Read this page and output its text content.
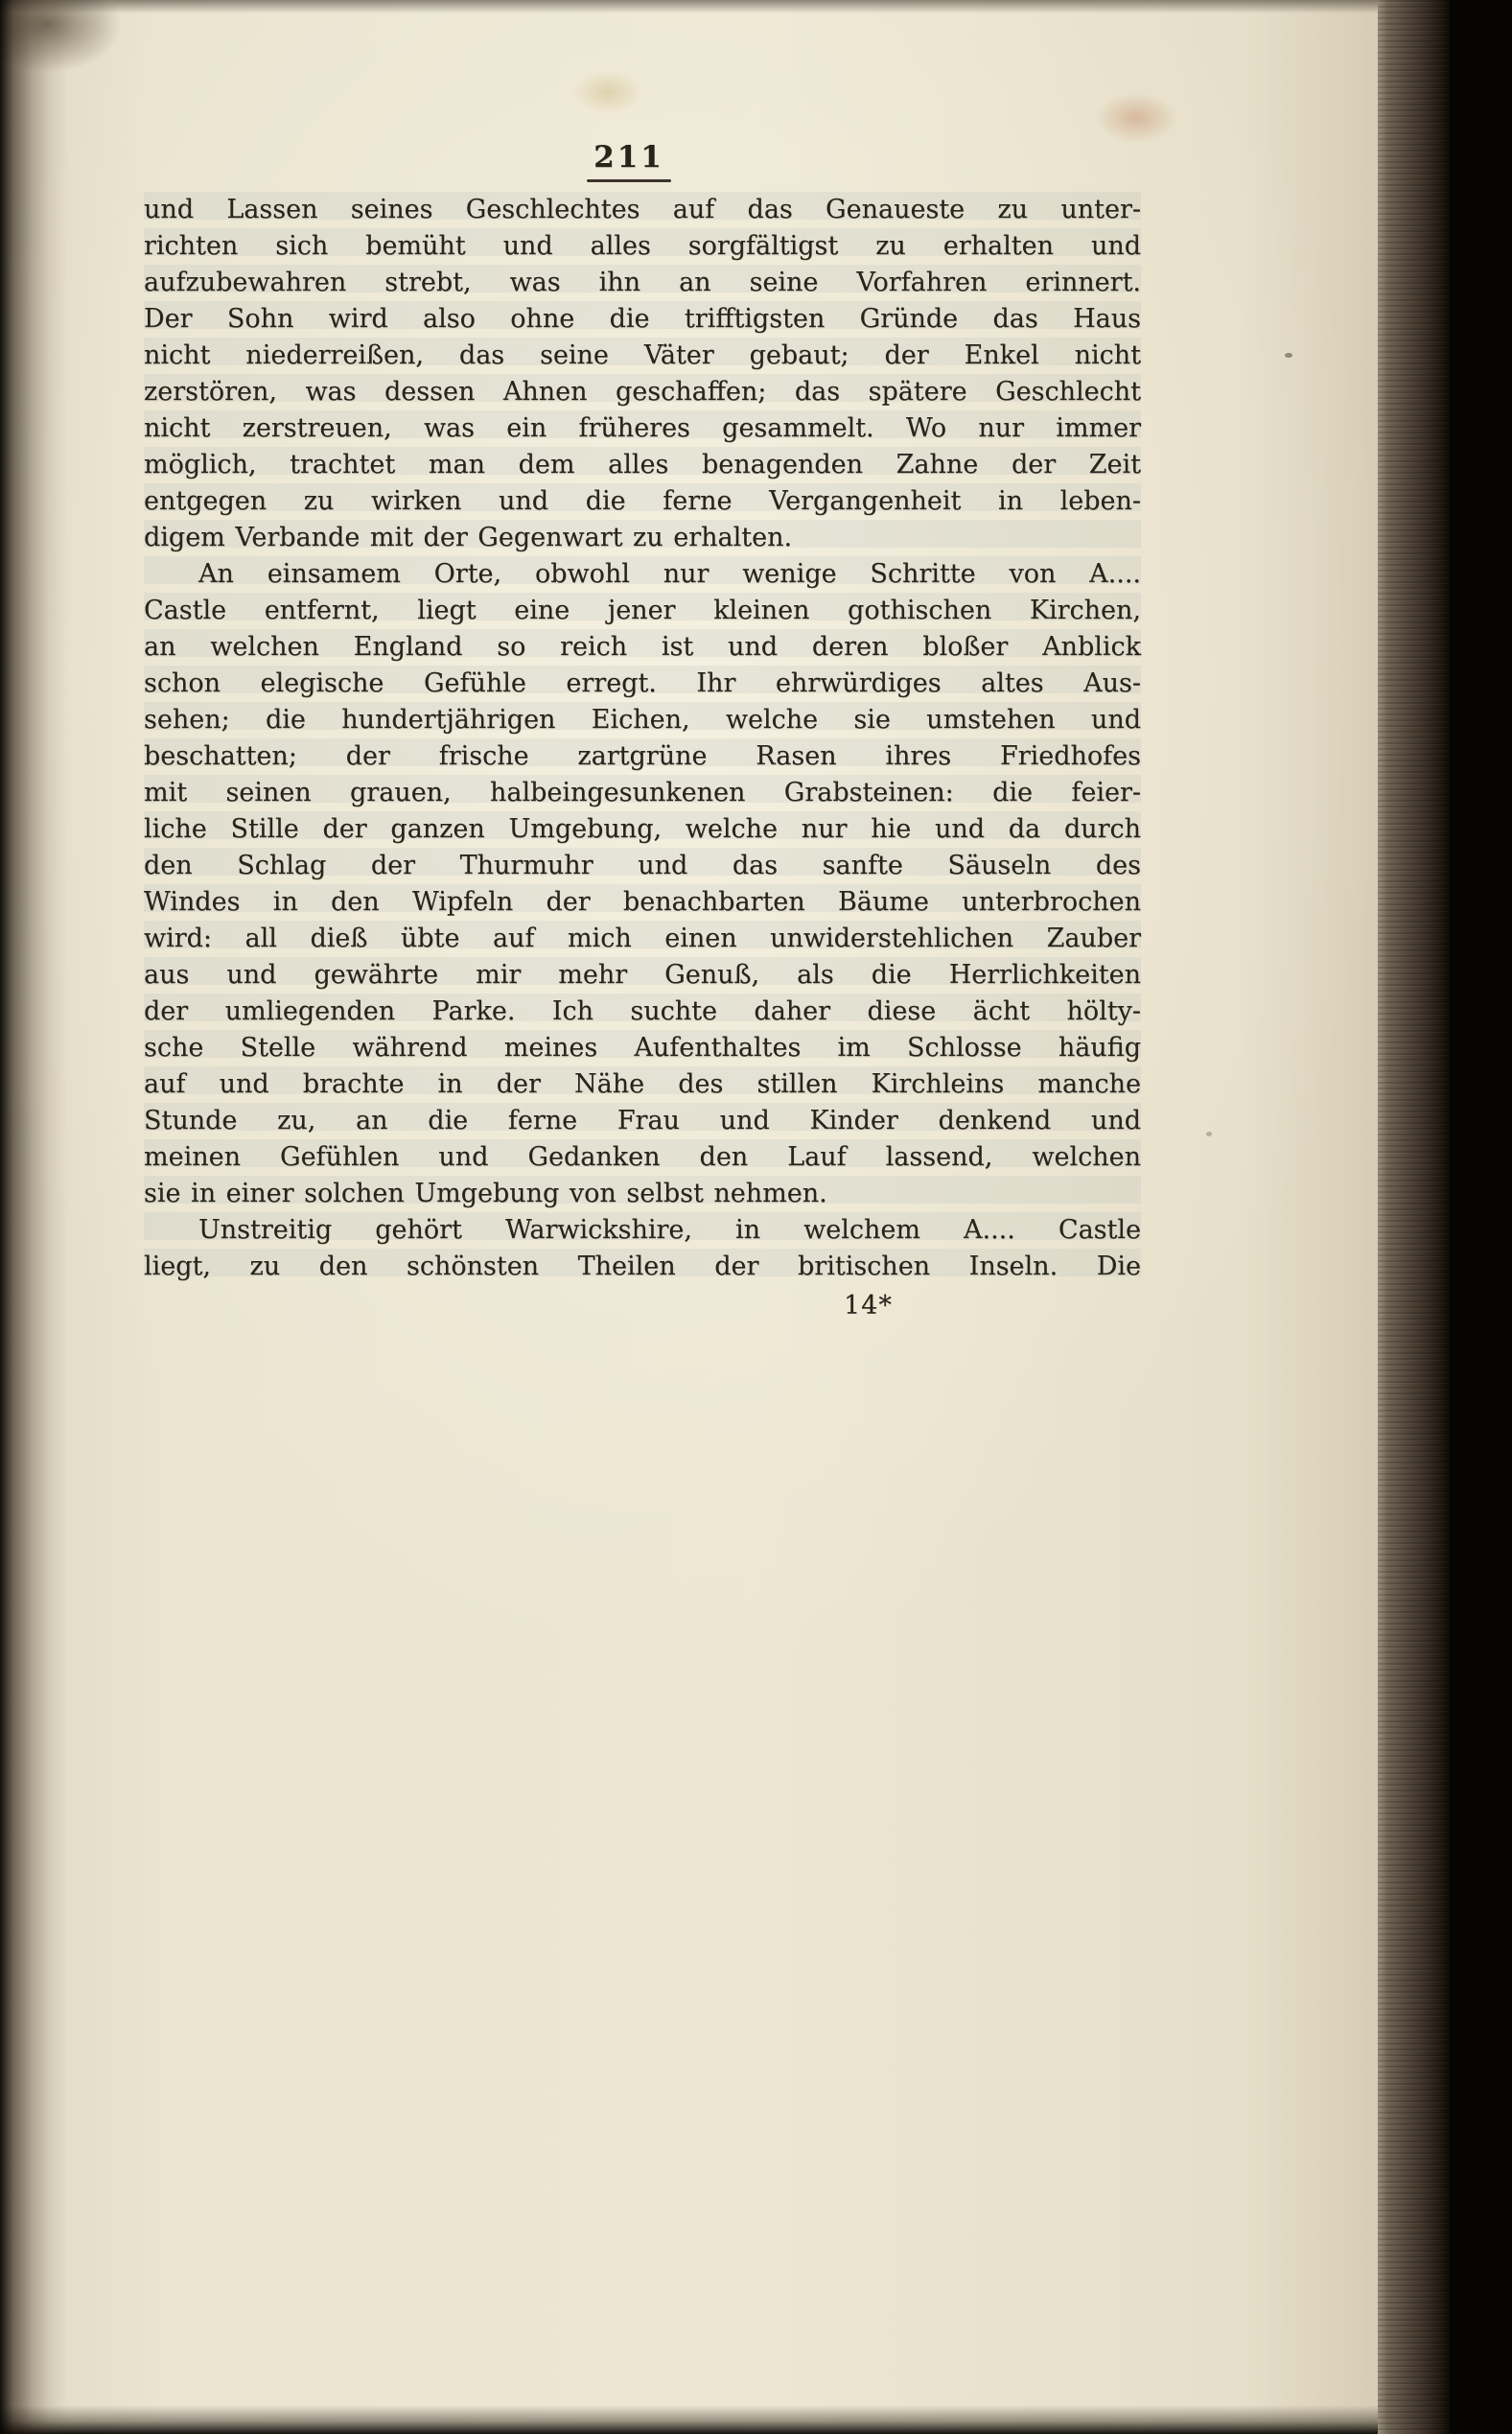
211
und Lassen seines Geschlechtes auf das Genaueste zu unter-
richten sich bemüht und alles sorgfältigst zu erhalten und
aufzubewahren strebt, was ihn an seine Vorfahren erinnert.
Der Sohn wird also ohne die trifftigsten Gründe das Haus
nicht niederreißen, das seine Väter gebaut; der Enkel nicht
zerstören, was dessen Ahnen geschaffen; das spätere Geschlecht
nicht zerstreuen, was ein früheres gesammelt. Wo nur immer
möglich, trachtet man dem alles benagenden Zahne der Zeit
entgegen zu wirken und die ferne Vergangenheit in leben-
digem Verbande mit der Gegenwart zu erhalten.
An einsamem Orte, obwohl nur wenige Schritte von A....
Castle entfernt, liegt eine jener kleinen gothischen Kirchen,
an welchen England so reich ist und deren bloßer Anblick
schon elegische Gefühle erregt. Ihr ehrwürdiges altes Aus-
sehen; die hundertjährigen Eichen, welche sie umstehen und
beschatten; der frische zartgrüne Rasen ihres Friedhofes
mit seinen grauen, halbeingesunkenen Grabsteinen: die feier-
liche Stille der ganzen Umgebung, welche nur hie und da durch
den Schlag der Thurmuhr und das sanfte Säuseln des
Windes in den Wipfeln der benachbarten Bäume unterbrochen
wird: all dieß übte auf mich einen unwiderstehlichen Zauber
aus und gewährte mir mehr Genuß, als die Herrlichkeiten
der umliegenden Parke. Ich suchte daher diese ächt hölty-
sche Stelle während meines Aufenthaltes im Schlosse häufig
auf und brachte in der Nähe des stillen Kirchleins manche
Stunde zu, an die ferne Frau und Kinder denkend und
meinen Gefühlen und Gedanken den Lauf lassend, welchen
sie in einer solchen Umgebung von selbst nehmen.
Unstreitig gehört Warwickshire, in welchem A.... Castle
liegt, zu den schönsten Theilen der britischen Inseln. Die
14*
